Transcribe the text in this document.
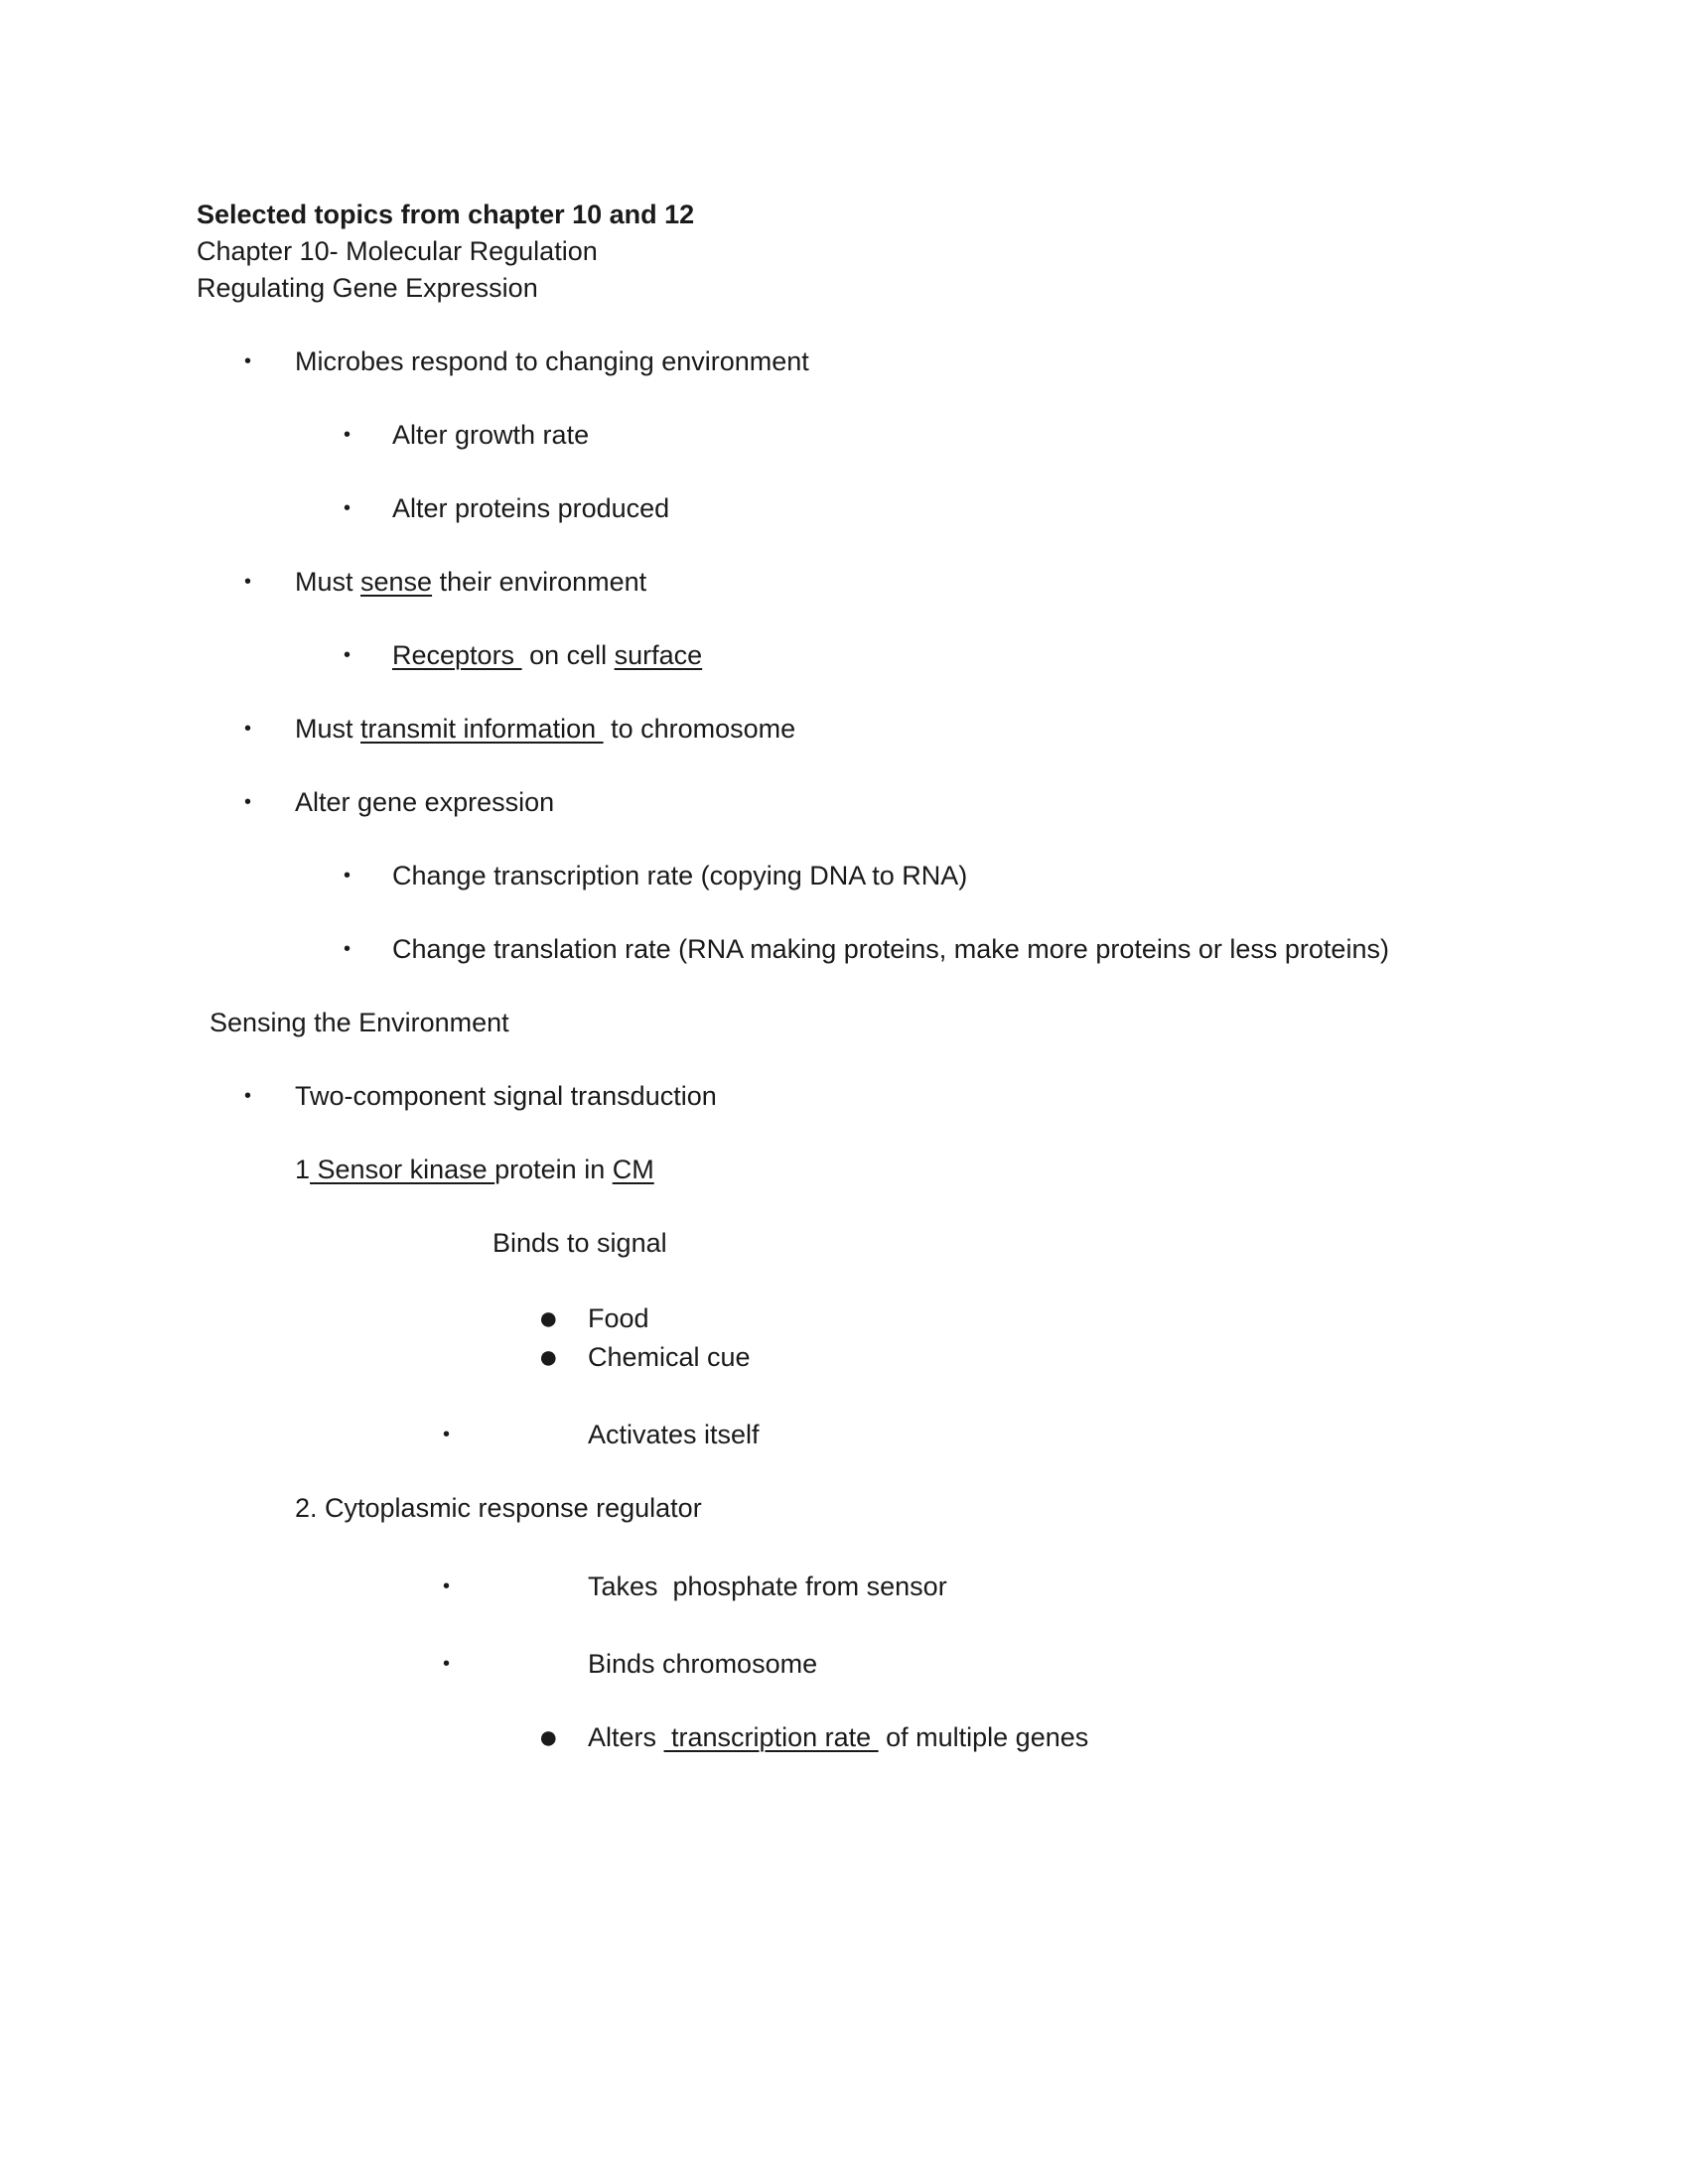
Selected topics from chapter 10 and 12
Chapter 10- Molecular Regulation
Regulating Gene Expression
• Microbes respond to changing environment
• Alter growth rate
• Alter proteins produced
• Must sense their environment
• Receptors  on cell surface
• Must transmit information  to chromosome
• Alter gene expression
• Change transcription rate (copying DNA to RNA)
• Change translation rate (RNA making proteins, make more proteins or less proteins)
Sensing the Environment
• Two-component signal transduction
1 Sensor kinase protein in CM
Binds to signal
● Food
● Chemical cue
•	Activates itself
2. Cytoplasmic response regulator
•	Takes  phosphate from sensor
•	Binds chromosome
● Alters  transcription rate  of multiple genes
